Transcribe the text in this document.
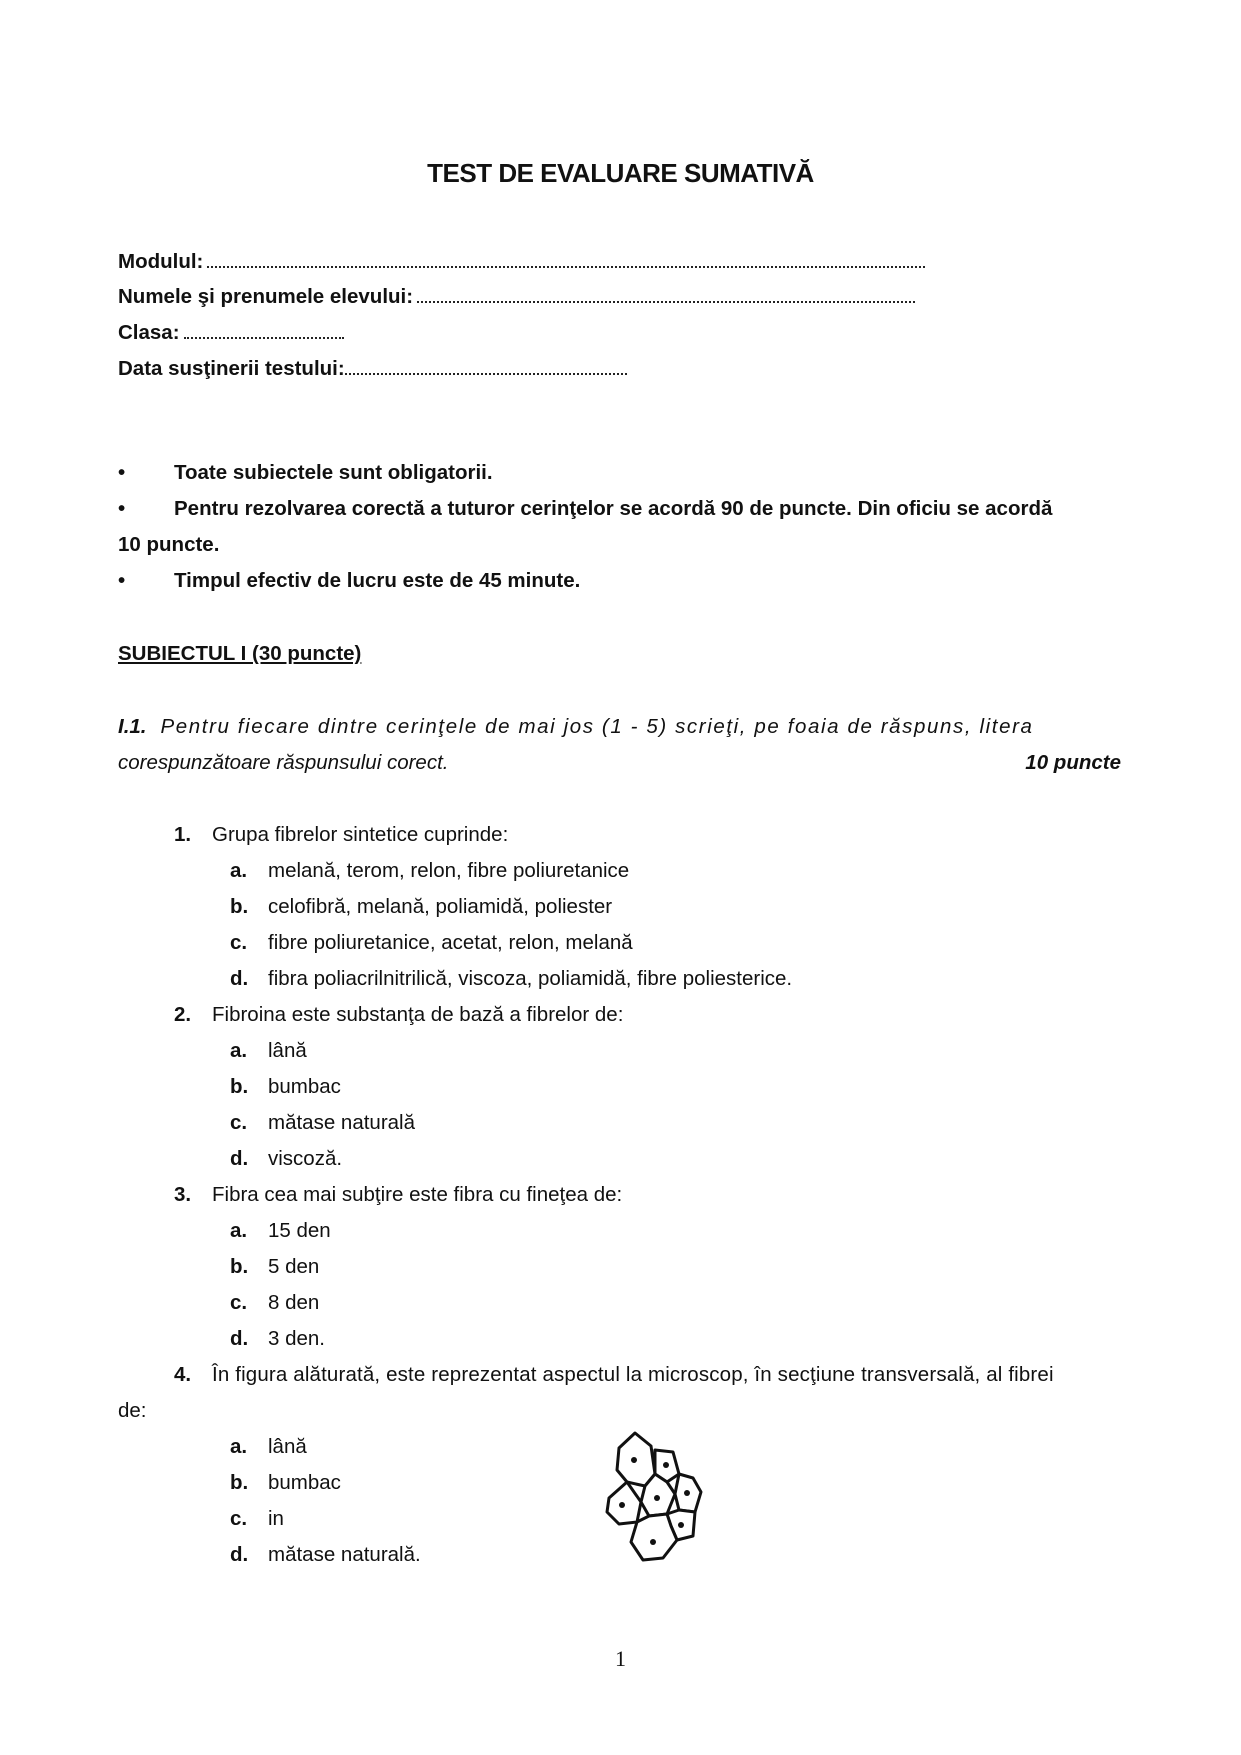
TEST DE EVALUARE SUMATIVĂ
Modulul:
Numele şi prenumele elevului:
Clasa:
Data susţinerii testului:
• Toate subiectele sunt obligatorii.
• Pentru rezolvarea corectă a tuturor cerinţelor se acordă 90 de puncte. Din oficiu se acordă
10 puncte.
• Timpul efectiv de lucru este de 45 minute.
SUBIECTUL I (30 puncte)
I.1. Pentru fiecare dintre cerinţele de mai jos (1 - 5) scrieţi, pe foaia de răspuns, litera
corespunzătoare răspunsului corect.	10 puncte
1. Grupa fibrelor sintetice cuprinde:
a. melană, terom, relon, fibre poliuretanice
b. celofibră, melană, poliamidă, poliester
c. fibre poliuretanice, acetat, relon, melană
d. fibra poliacrilnitrilică, viscoza, poliamidă, fibre poliesterice.
2. Fibroina este substanţa de bază a fibrelor de:
a. lână
b. bumbac
c. mătase naturală
d. viscoză.
3. Fibra cea mai subţire este fibra cu fineţea de:
a. 15 den
b. 5 den
c. 8 den
d. 3 den.
4.	În figura alăturată, este reprezentat aspectul la microscop, în secţiune transversală, al fibrei
de:
a. lână
b. bumbac
c. in
d. mătase naturală.
1
